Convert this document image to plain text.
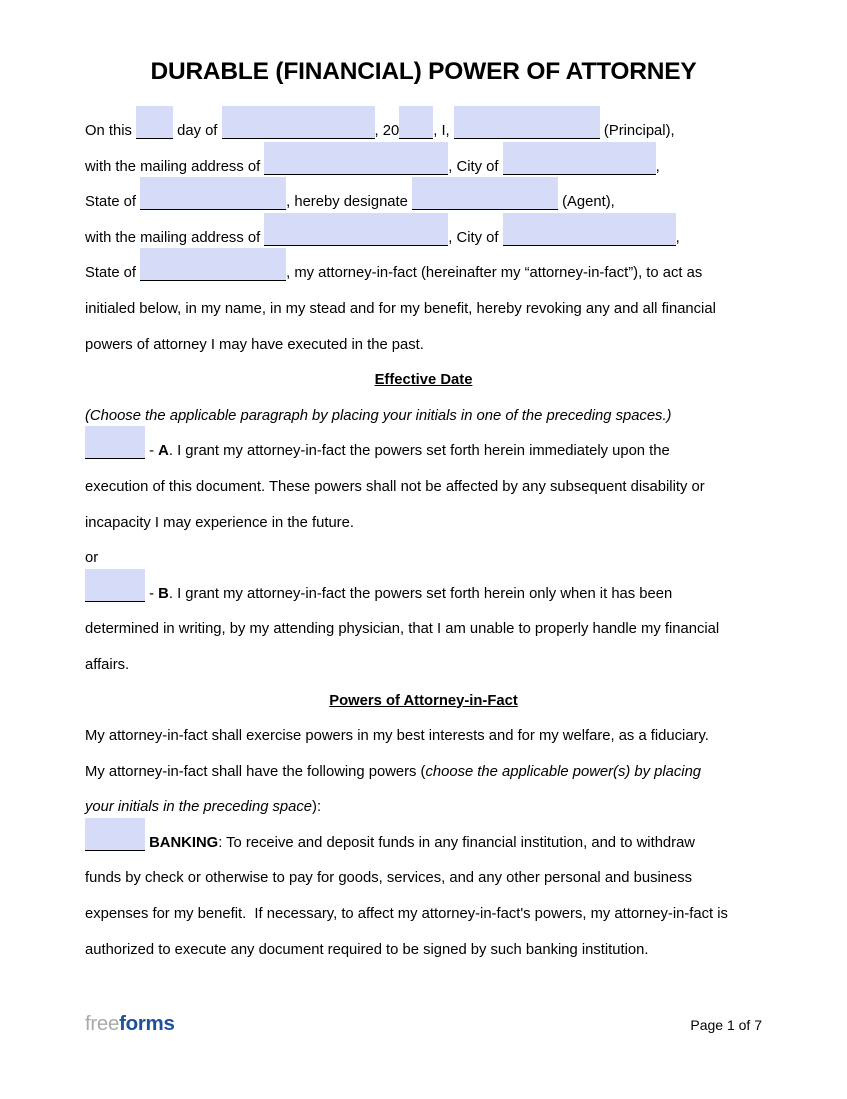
DURABLE (FINANCIAL) POWER OF ATTORNEY
On this	day of	, 20 , I,	(Principal),
with the mailing address of	, City of	,
State of	, hereby designate	(Agent),
with the mailing address of	, City of	,
State of	, my attorney-in-fact (hereinafter my “attorney-in-fact”), to act as
initialed below, in my name, in my stead and for my benefit, hereby revoking any and all financial
powers of attorney I may have executed in the past.
Effective Date
(Choose the applicable paragraph by placing your initials in one of the preceding spaces.)
- A. I grant my attorney-in-fact the powers set forth herein immediately upon the
execution of this document. These powers shall not be affected by any subsequent disability or
incapacity I may experience in the future.
or
- B. I grant my attorney-in-fact the powers set forth herein only when it has been
determined in writing, by my attending physician, that I am unable to properly handle my financial
affairs.
Powers of Attorney-in-Fact
My attorney-in-fact shall exercise powers in my best interests and for my welfare, as a fiduciary.
My attorney-in-fact shall have the following powers (choose the applicable power(s) by placing
your initials in the preceding space):
BANKING: To receive and deposit funds in any financial institution, and to withdraw
funds by check or otherwise to pay for goods, services, and any other personal and business
expenses for my benefit.  If necessary, to affect my attorney-in-fact's powers, my attorney-in-fact is
authorized to execute any document required to be signed by such banking institution.
freeforms	Page 1 of 7
